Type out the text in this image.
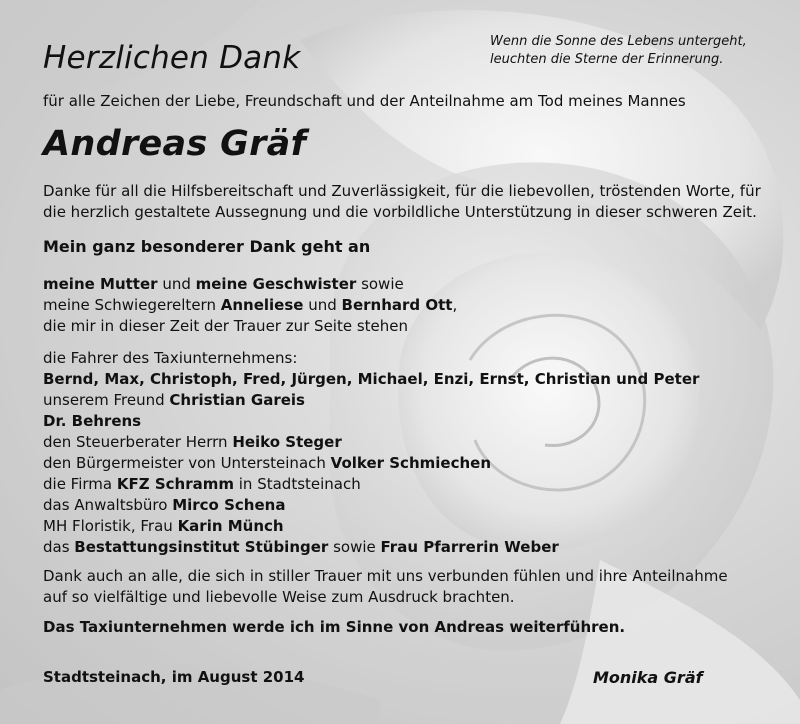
Herzlichen Dank	Wenn die Sonne des Lebens untergeht,
leuchten die Sterne der Erinnerung.
für alle Zeichen der Liebe, Freundschaft und der Anteilnahme am Tod meines Mannes
Andreas Gräf
Danke für all die Hilfsbereitschaft und Zuverlässigkeit, für die liebevollen, tröstenden Worte, für
die herzlich gestaltete Aussegnung und die vorbildliche Unterstützung in dieser schweren Zeit.
Mein ganz besonderer Dank geht an
meine Mutter und meine Geschwister sowie
meine Schwiegereltern Anneliese und Bernhard Ott,
die mir in dieser Zeit der Trauer zur Seite stehen
die Fahrer des Taxiunternehmens:
Bernd, Max, Christoph, Fred, Jürgen, Michael, Enzi, Ernst, Christian und Peter
unserem Freund Christian Gareis
Dr. Behrens
den Steuerberater Herrn Heiko Steger
den Bürgermeister von Untersteinach Volker Schmiechen
die Firma KFZ Schramm in Stadtsteinach
das Anwaltsbüro Mirco Schena
MH Floristik, Frau Karin Münch
das Bestattungsinstitut Stübinger sowie Frau Pfarrerin Weber
Dank auch an alle, die sich in stiller Trauer mit uns verbunden fühlen und ihre Anteilnahme
auf so vielfältige und liebevolle Weise zum Ausdruck brachten.
Das Taxiunternehmen werde ich im Sinne von Andreas weiterführen.
Stadtsteinach, im August 2014	Monika Gräf
